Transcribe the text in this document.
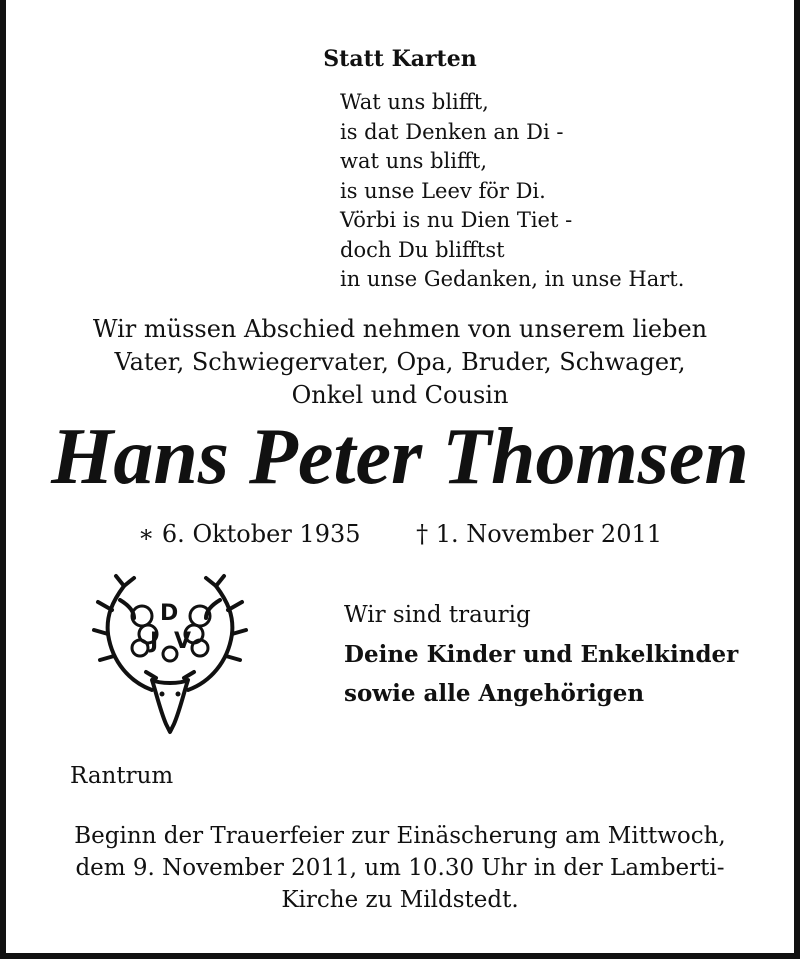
Statt Karten
Wat uns blifft,
is dat Denken an Di -
wat uns blifft,
is unse Leev för Di.
Vörbi is nu Dien Tiet -
doch Du blifftst
in unse Gedanken, in unse Hart.
Wir müssen Abschied nehmen von unserem lieben
Vater, Schwiegervater, Opa, Bruder, Schwager,
Onkel und Cousin
Hans Peter Thomsen
∗ 6. Oktober 1935 † 1. November 2011
D
J V
Wir sind traurig
Deine Kinder und Enkelkinder
sowie alle Angehörigen
Rantrum
Beginn der Trauerfeier zur Einäscherung am Mittwoch,
dem 9. November 2011, um 10.30 Uhr in der Lamberti-
Kirche zu Mildstedt.
